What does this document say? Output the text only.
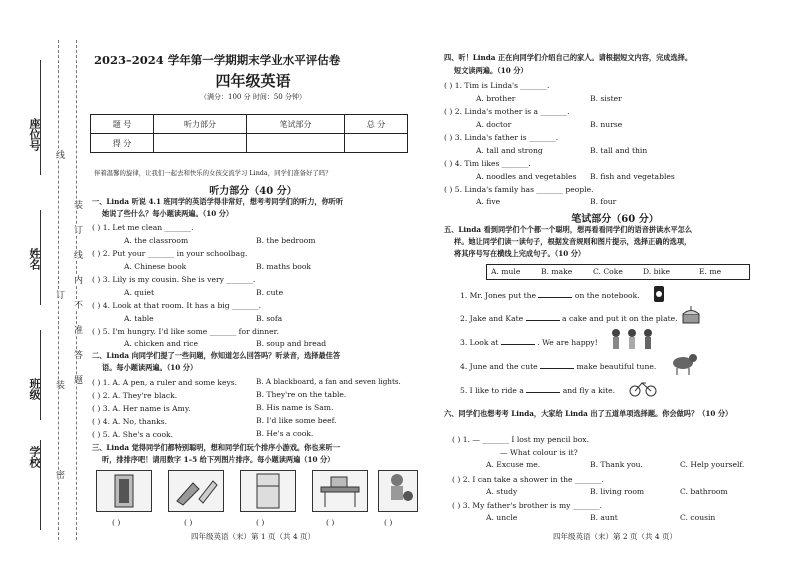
座位号
姓名
班级
学校
线
订
装
密
装
订
线
内
不
准
答
题
2023–2024 学年第一学期期末学业水平评估卷
四年级英语
（满分：100 分 时间：50 分钟）
题 号	听力部分	笔试部分	总 分
得 分			
伴着温馨的旋律，让我们一起去和快乐的女孩交流学习 Linda，同学们准备好了吗？
听力部分（40 分）
一、Linda 听说 4.1 班同学的英语学得非常好，想考考同学们的听力，你听听
她说了些什么？每小题读两遍。（10 分）
( ) 1. Let me clean _______.
A. the classroom	B. the bedroom
( ) 2. Put your _______ in your schoolbag.
A. Chinese book	B. maths book
( ) 3. Lily is my cousin. She is very _______.
A. quiet	B. cute
( ) 4. Look at that room. It has a big _______.
A. table	B. sofa
( ) 5. I'm hungry. I'd like some _______ for dinner.
A. chicken and rice	B. soup and bread
二、Linda 向同学们提了一些问题，你知道怎么回答吗？听录音，选择最佳答
语。每小题读两遍。（10 分）
( ) 1. A. A pen, a ruler and some keys.	B. A blackboard, a fan and seven lights.
( ) 2. A. They're black.	B. They're on the table.
( ) 3. A. Her name is Amy.	B. His name is Sam.
( ) 4. A. No, thanks.	B. I'd like some beef.
( ) 5. A. She's a cook.	B. He's a cook.
三、Linda 觉得同学们都特别聪明，想和同学们玩个排序小游戏。你也来听一
听，排排序吧！请用数字 1–5 给下列图片排序。每小题读两遍（10 分）
( )	( )	( )	( )	( )
四年级英语（末）第 1 页（共 4 页）
四、听！Linda 正在向同学们介绍自己的家人。请根据短文内容，完成选择。
短文读两遍。（10 分）
( ) 1. Tim is Linda's _______.
A. brother	B. sister
( ) 2. Linda's mother is a _______.
A. doctor	B. nurse
( ) 3. Linda's father is _______.
A. tall and strong	B. tall and thin
( ) 4. Tim likes _______.
A. noodles and vegetables B. fish and vegetables
( ) 5. Linda's family has _______ people.
A. five	B. four
笔试部分（60 分）
五、Linda 看到同学们个个都一个聪明，想再看看同学们的语音拼读水平怎么
样。她让同学们读一读句子，根据发音规则和图片提示，选择正确的选项，
将其序号写在横线上完成句子。（10 分）
A. mule	B. make	C. Coke	D. bike	E. me
1. Mr. Jones put the	on the notebook.
2. Jake and Kate	a cake and put it on the plate.
3. Look at	. We are happy!
4. June and the cute	make beautiful tune.
5. I like to ride a	and fly a kite.
六、同学们也想考考 Linda，大家给 Linda 出了五道单项选择题。你会做吗？（10 分）
( ) 1. — _______ I lost my pencil box.
— What colour is it?
A. Excuse me.	B. Thank you.	C. Help yourself.
( ) 2. I can take a shower in the _______.
A. study	B. living room	C. bathroom
( ) 3. My father's brother is my _______.
A. uncle	B. aunt	C. cousin
四年级英语（末）第 2 页（共 4 页）
